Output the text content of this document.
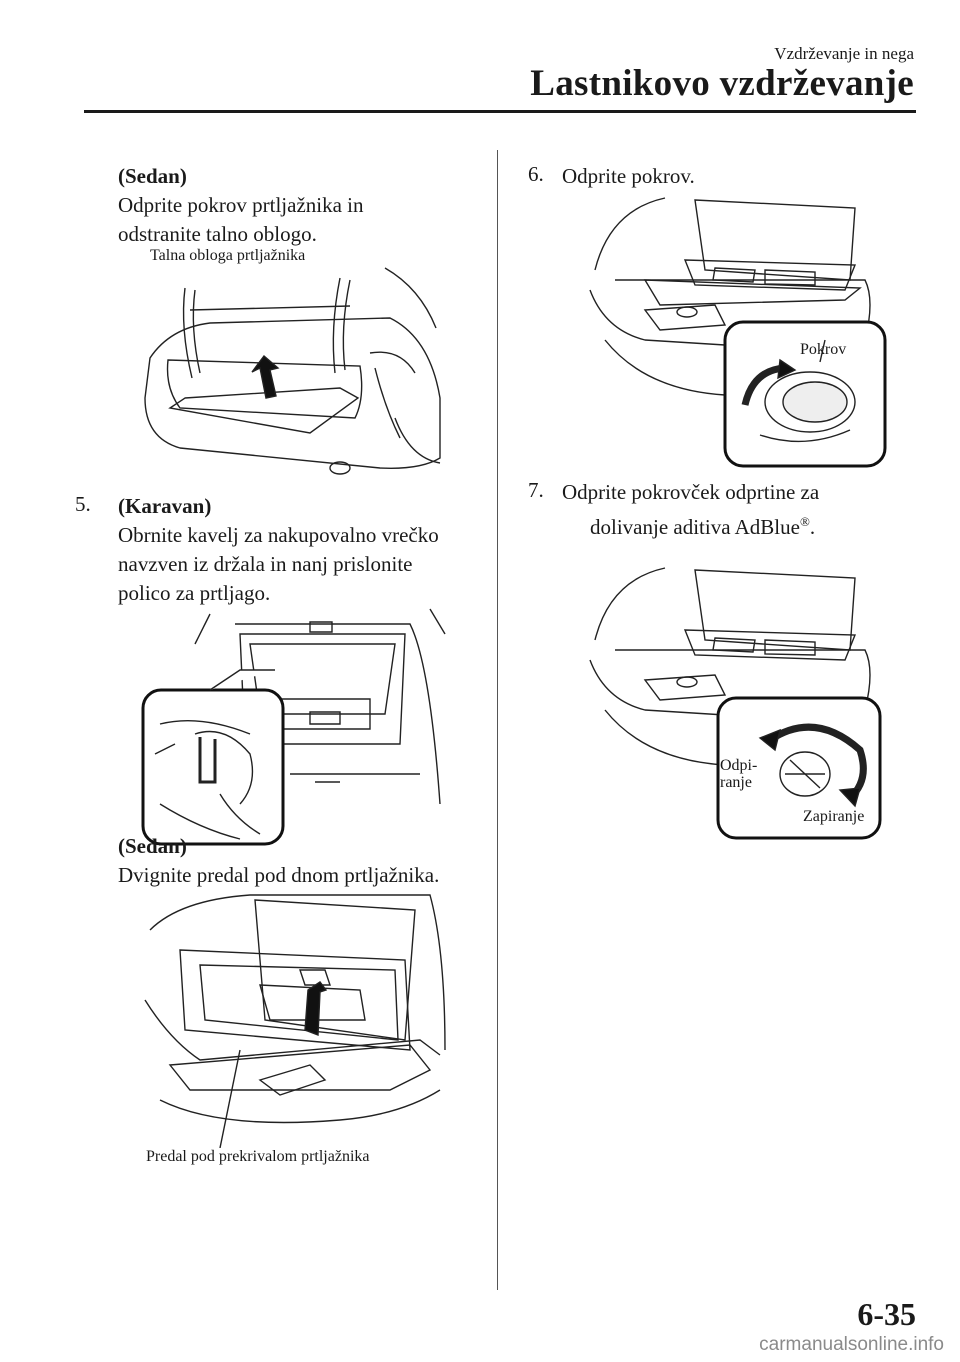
Vzdrževanje in nega
Lastnikovo vzdrževanje
(Sedan)
Odprite pokrov prtljažnika in
odstranite talno oblogo.
Talna obloga prtljažnika
5. (Karavan)
Obrnite kavelj za nakupovalno vrečko
navzven iz držala in nanj prislonite
polico za prtljago.
(Sedan)
Dvignite predal pod dnom prtljažnika.
Predal pod prekrivalom prtljažnika
6. Odprite pokrov.
Pokrov
7. Odprite pokrovček odprtine za
dolivanje aditiva AdBlue®.
Odpi-
ranje
Zapiranje
6-35
carmanualsonline.info
